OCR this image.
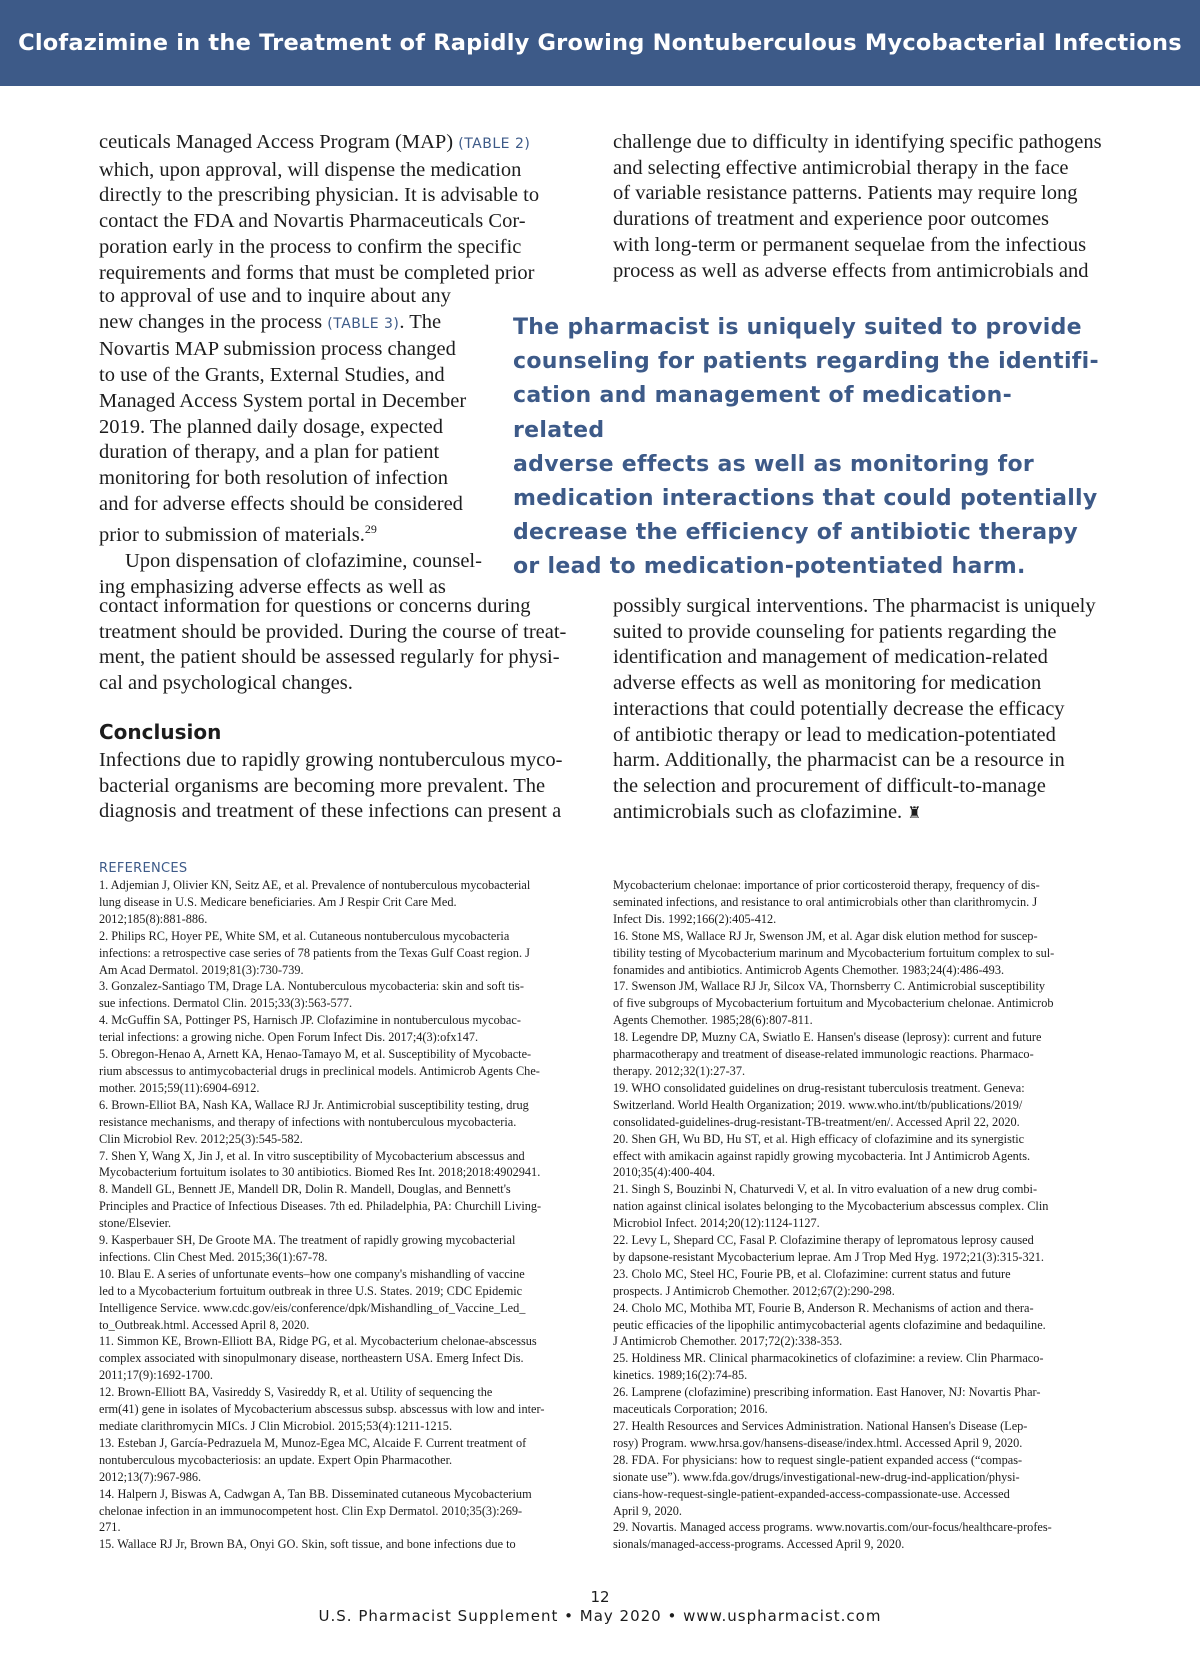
Clofazimine in the Treatment of Rapidly Growing Nontuberculous Mycobacterial Infections

ceuticals Managed Access Program (MAP) (TABLE 2)

which, upon approval, will dispense the medication

directly to the prescribing physician. It is advisable to

contact the FDA and Novartis Pharmaceuticals Cor-

poration early in the process to confirm the specific

requirements and forms that must be completed prior

to approval of use and to inquire about any

new changes in the process (TABLE 3). The

Novartis MAP submission process changed

to use of the Grants, External Studies, and

Managed Access System portal in December

2019. The planned daily dosage, expected

duration of therapy, and a plan for patient

monitoring for both resolution of infection

and for adverse effects should be considered

prior to submission of materials.$^{29}$

Upon dispensation of clofazimine, counsel-

ing emphasizing adverse effects as well as

The pharmacist is uniquely suited to provide
counseling for patients regarding the identifi-
cation and management of medication-related
adverse effects as well as monitoring for
medication interactions that could potentially
decrease the efficiency of antibiotic therapy
or lead to medication-potentiated harm.

contact information for questions or concerns during

treatment should be provided. During the course of treat-

ment, the patient should be assessed regularly for physi-

cal and psychological changes.

Conclusion

Infections due to rapidly growing nontuberculous myco-

bacterial organisms are becoming more prevalent. The

diagnosis and treatment of these infections can present a

challenge due to difficulty in identifying specific pathogens

and selecting effective antimicrobial therapy in the face

of variable resistance patterns. Patients may require long

durations of treatment and experience poor outcomes

with long-term or permanent sequelae from the infectious

process as well as adverse effects from antimicrobials and

possibly surgical interventions. The pharmacist is uniquely

suited to provide counseling for patients regarding the

identification and management of medication-related

adverse effects as well as monitoring for medication

interactions that could potentially decrease the efficacy

of antibiotic therapy or lead to medication-potentiated

harm. Additionally, the pharmacist can be a resource in

the selection and procurement of difficult-to-manage

antimicrobials such as clofazimine. ♜

REFERENCES
1. Adjemian J, Olivier KN, Seitz AE, et al. Prevalence of nontuberculous mycobacterial
lung disease in U.S. Medicare beneficiaries. Am J Respir Crit Care Med.
2012;185(8):881-886.
2. Philips RC, Hoyer PE, White SM, et al. Cutaneous nontuberculous mycobacteria
infections: a retrospective case series of 78 patients from the Texas Gulf Coast region. J
Am Acad Dermatol. 2019;81(3):730-739.
3. Gonzalez-Santiago TM, Drage LA. Nontuberculous mycobacteria: skin and soft tis-
sue infections. Dermatol Clin. 2015;33(3):563-577.
4. McGuffin SA, Pottinger PS, Harnisch JP. Clofazimine in nontuberculous mycobac-
terial infections: a growing niche. Open Forum Infect Dis. 2017;4(3):ofx147.
5. Obregon-Henao A, Arnett KA, Henao-Tamayo M, et al. Susceptibility of Mycobacte-
rium abscessus to antimycobacterial drugs in preclinical models. Antimicrob Agents Che-
mother. 2015;59(11):6904-6912.
6. Brown-Elliot BA, Nash KA, Wallace RJ Jr. Antimicrobial susceptibility testing, drug
resistance mechanisms, and therapy of infections with nontuberculous mycobacteria.
Clin Microbiol Rev. 2012;25(3):545-582.
7. Shen Y, Wang X, Jin J, et al. In vitro susceptibility of Mycobacterium abscessus and
Mycobacterium fortuitum isolates to 30 antibiotics. Biomed Res Int. 2018;2018:4902941.
8. Mandell GL, Bennett JE, Mandell DR, Dolin R. Mandell, Douglas, and Bennett's
Principles and Practice of Infectious Diseases. 7th ed. Philadelphia, PA: Churchill Living-
stone/Elsevier.
9. Kasperbauer SH, De Groote MA. The treatment of rapidly growing mycobacterial
infections. Clin Chest Med. 2015;36(1):67-78.
10. Blau E. A series of unfortunate events–how one company's mishandling of vaccine
led to a Mycobacterium fortuitum outbreak in three U.S. States. 2019; CDC Epidemic
Intelligence Service. www.cdc.gov/eis/conference/dpk/Mishandling_of_Vaccine_Led_
to_Outbreak.html. Accessed April 8, 2020.
11. Simmon KE, Brown-Elliott BA, Ridge PG, et al. Mycobacterium chelonae-abscessus
complex associated with sinopulmonary disease, northeastern USA. Emerg Infect Dis.
2011;17(9):1692-1700.
12. Brown-Elliott BA, Vasireddy S, Vasireddy R, et al. Utility of sequencing the
erm(41) gene in isolates of Mycobacterium abscessus subsp. abscessus with low and inter-
mediate clarithromycin MICs. J Clin Microbiol. 2015;53(4):1211-1215.
13. Esteban J, García-Pedrazuela M, Munoz-Egea MC, Alcaide F. Current treatment of
nontuberculous mycobacteriosis: an update. Expert Opin Pharmacother.
2012;13(7):967-986.
14. Halpern J, Biswas A, Cadwgan A, Tan BB. Disseminated cutaneous Mycobacterium
chelonae infection in an immunocompetent host. Clin Exp Dermatol. 2010;35(3):269-
271.
15. Wallace RJ Jr, Brown BA, Onyi GO. Skin, soft tissue, and bone infections due to
Mycobacterium chelonae: importance of prior corticosteroid therapy, frequency of dis-
seminated infections, and resistance to oral antimicrobials other than clarithromycin. J
Infect Dis. 1992;166(2):405-412.
16. Stone MS, Wallace RJ Jr, Swenson JM, et al. Agar disk elution method for suscep-
tibility testing of Mycobacterium marinum and Mycobacterium fortuitum complex to sul-
fonamides and antibiotics. Antimicrob Agents Chemother. 1983;24(4):486-493.
17. Swenson JM, Wallace RJ Jr, Silcox VA, Thornsberry C. Antimicrobial susceptibility
of five subgroups of Mycobacterium fortuitum and Mycobacterium chelonae. Antimicrob
Agents Chemother. 1985;28(6):807-811.
18. Legendre DP, Muzny CA, Swiatlo E. Hansen's disease (leprosy): current and future
pharmacotherapy and treatment of disease-related immunologic reactions. Pharmaco-
therapy. 2012;32(1):27-37.
19. WHO consolidated guidelines on drug-resistant tuberculosis treatment. Geneva:
Switzerland. World Health Organization; 2019. www.who.int/tb/publications/2019/
consolidated-guidelines-drug-resistant-TB-treatment/en/. Accessed April 22, 2020.
20. Shen GH, Wu BD, Hu ST, et al. High efficacy of clofazimine and its synergistic
effect with amikacin against rapidly growing mycobacteria. Int J Antimicrob Agents.
2010;35(4):400-404.
21. Singh S, Bouzinbi N, Chaturvedi V, et al. In vitro evaluation of a new drug combi-
nation against clinical isolates belonging to the Mycobacterium abscessus complex. Clin
Microbiol Infect. 2014;20(12):1124-1127.
22. Levy L, Shepard CC, Fasal P. Clofazimine therapy of lepromatous leprosy caused
by dapsone-resistant Mycobacterium leprae. Am J Trop Med Hyg. 1972;21(3):315-321.
23. Cholo MC, Steel HC, Fourie PB, et al. Clofazimine: current status and future
prospects. J Antimicrob Chemother. 2012;67(2):290-298.
24. Cholo MC, Mothiba MT, Fourie B, Anderson R. Mechanisms of action and thera-
peutic efficacies of the lipophilic antimycobacterial agents clofazimine and bedaquiline.
J Antimicrob Chemother. 2017;72(2):338-353.
25. Holdiness MR. Clinical pharmacokinetics of clofazimine: a review. Clin Pharmaco-
kinetics. 1989;16(2):74-85.
26. Lamprene (clofazimine) prescribing information. East Hanover, NJ: Novartis Phar-
maceuticals Corporation; 2016.
27. Health Resources and Services Administration. National Hansen's Disease (Lep-
rosy) Program. www.hrsa.gov/hansens-disease/index.html. Accessed April 9, 2020.
28. FDA. For physicians: how to request single-patient expanded access (“compas-
sionate use”). www.fda.gov/drugs/investigational-new-drug-ind-application/physi-
cians-how-request-single-patient-expanded-access-compassionate-use. Accessed
April 9, 2020.
29. Novartis. Managed access programs. www.novartis.com/our-focus/healthcare-profes-
sionals/managed-access-programs. Accessed April 9, 2020.
12
U.S. Pharmacist Supplement • May 2020 • www.uspharmacist.com
